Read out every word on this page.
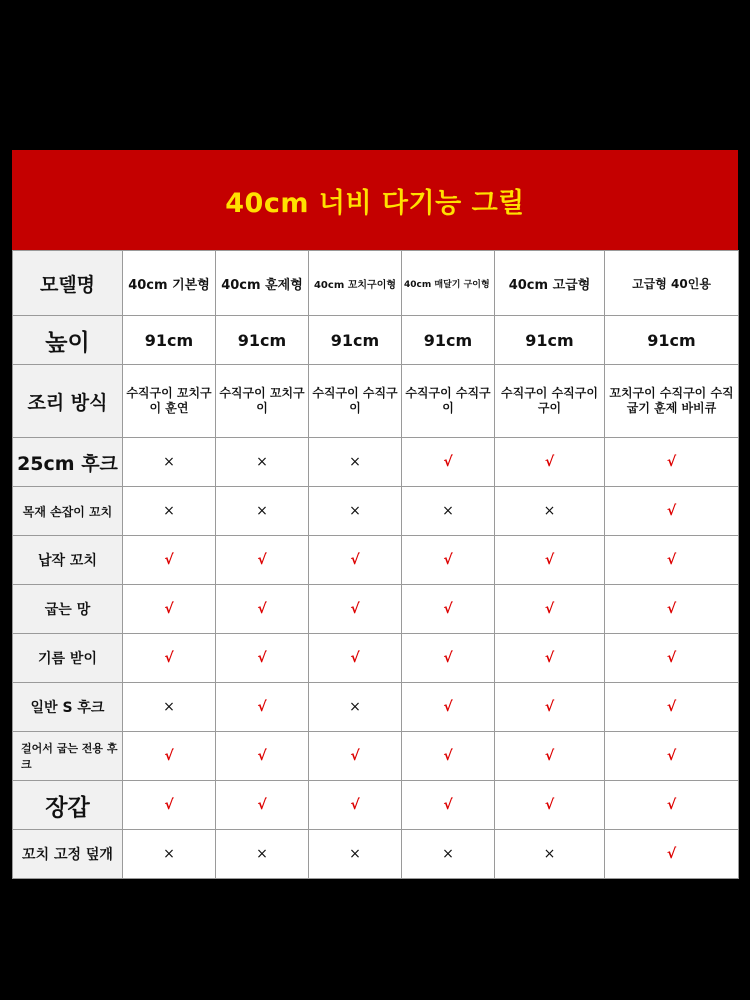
40cm 너비 다기능 그릴
모델명	40cm 기본형	40cm 훈제형	40cm 꼬치구이형	40cm 매달기 구이형	40cm 고급형	고급형 40인용
높이	91cm	91cm	91cm	91cm	91cm	91cm
조리 방식	수직구이 꼬치구이 훈연	수직구이 꼬치구이	수직구이 수직구이	수직구이 수직구이	수직구이 수직구이 구이	꼬치구이 수직구이 수직 굽기 훈제 바비큐
25cm 후크	×	×	×	√	√	√
목재 손잡이 꼬치	×	×	×	×	×	√
납작 꼬치	√	√	√	√	√	√
굽는 망	√	√	√	√	√	√
기름 받이	√	√	√	√	√	√
일반 S 후크	×	√	×	√	√	√
걸어서 굽는 전용 후크	√	√	√	√	√	√
장갑	√	√	√	√	√	√
꼬치 고정 덮개	×	×	×	×	×	√
